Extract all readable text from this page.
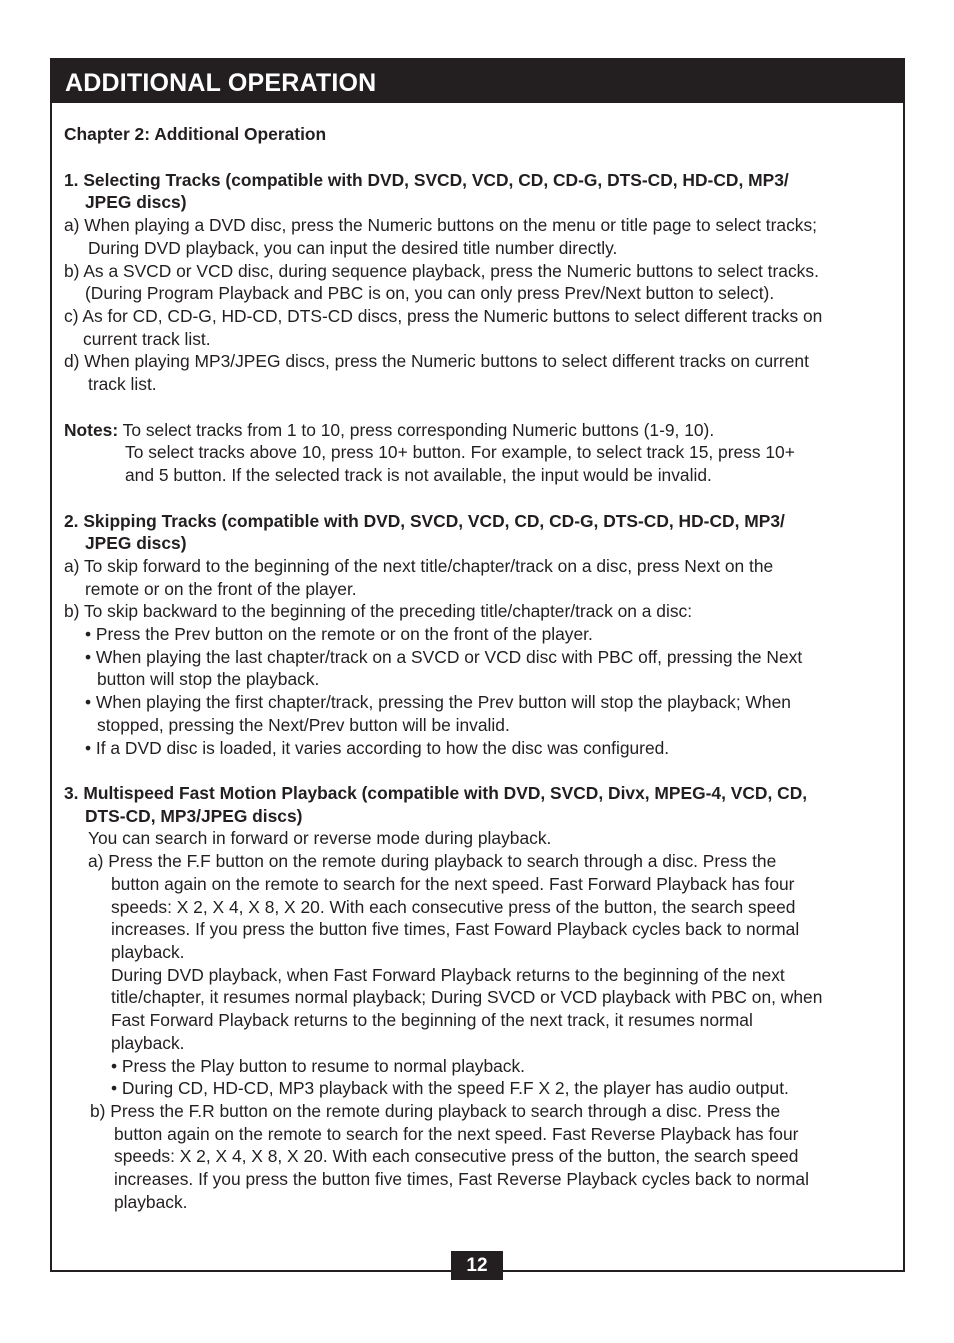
ADDITIONAL OPERATION
Chapter 2: Additional Operation
1. Selecting Tracks (compatible with DVD, SVCD, VCD, CD, CD-G, DTS-CD, HD-CD, MP3/
JPEG discs)
a) When playing a DVD disc, press the Numeric buttons on the menu or title page to select tracks;
During DVD playback, you can input the desired title number directly.
b) As a SVCD or VCD disc, during sequence playback, press the Numeric buttons to select tracks.
(During Program Playback and PBC is on, you can only press Prev/Next button to select).
c) As for CD, CD-G, HD-CD, DTS-CD discs, press the Numeric buttons to select different tracks on
current track list.
d) When playing MP3/JPEG discs, press the Numeric buttons to select different tracks on current
track list.
Notes: To select tracks from 1 to 10, press corresponding Numeric buttons (1-9, 10).
To select tracks above 10, press 10+ button. For example, to select track 15, press 10+
and 5 button. If the selected track is not available, the input would be invalid.
2. Skipping Tracks (compatible with DVD, SVCD, VCD, CD, CD-G, DTS-CD, HD-CD, MP3/
JPEG discs)
a) To skip forward to the beginning of the next title/chapter/track on a disc, press Next on the
remote or on the front of the player.
b) To skip backward to the beginning of the preceding title/chapter/track on a disc:
• Press the Prev button on the remote or on the front of the player.
• When playing the last chapter/track on a SVCD or VCD disc with PBC off, pressing the Next
button will stop the playback.
• When playing the first chapter/track, pressing the Prev button will stop the playback; When
stopped, pressing the Next/Prev button will be invalid.
• If a DVD disc is loaded, it varies according to how the disc was configured.
3. Multispeed Fast Motion Playback (compatible with DVD, SVCD, Divx, MPEG-4, VCD, CD,
DTS-CD, MP3/JPEG discs)
You can search in forward or reverse mode during playback.
a) Press the F.F button on the remote during playback to search through a disc. Press the
button again on the remote to search for the next speed. Fast Forward Playback has four
speeds: X 2, X 4, X 8, X 20. With each consecutive press of the button, the search speed
increases. If you press the button five times, Fast Foward Playback cycles back to normal
playback.
During DVD playback, when Fast Forward Playback returns to the beginning of the next
title/chapter, it resumes normal playback; During SVCD or VCD playback with PBC on, when
Fast Forward Playback returns to the beginning of the next track, it resumes normal
playback.
• Press the Play button to resume to normal playback.
• During CD, HD-CD, MP3 playback with the speed F.F X 2, the player has audio output.
b) Press the F.R button on the remote during playback to search through a disc. Press the
button again on the remote to search for the next speed. Fast Reverse Playback has four
speeds: X 2, X 4, X 8, X 20. With each consecutive press of the button, the search speed
increases. If you press the button five times, Fast Reverse Playback cycles back to normal
playback.
12
